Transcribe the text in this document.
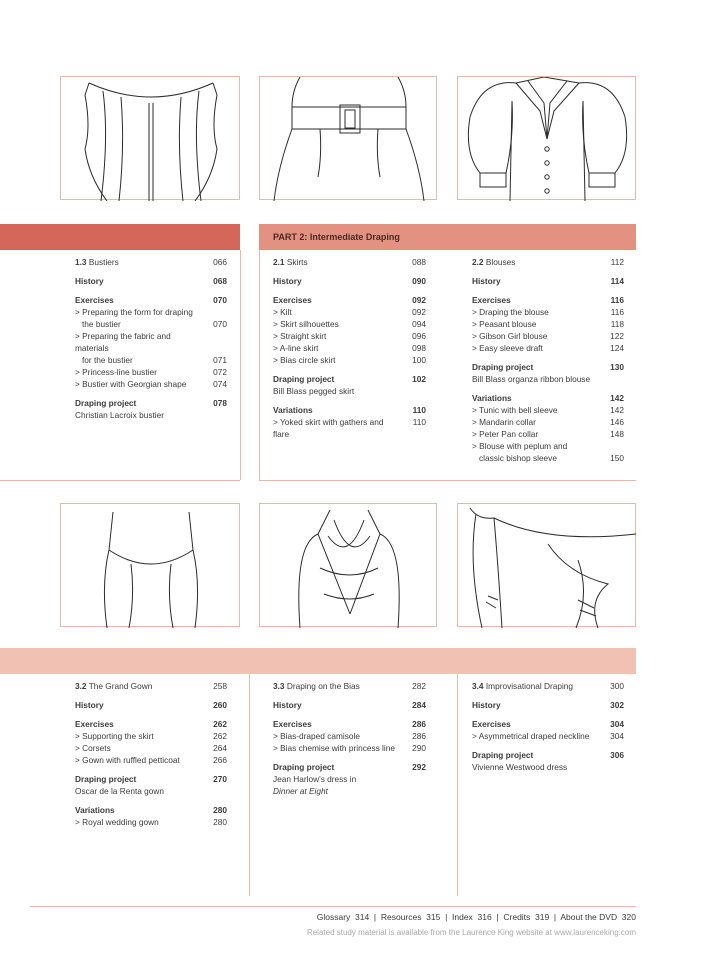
PART 2: Intermediate Draping
1.3 Bustiers	066
History	068
Exercises	070
> Preparing the form for draping
the bustier	070
> Preparing the fabric and materials
for the bustier	071
> Princess-line bustier	072
> Bustier with Georgian shape	074
Draping project	078
Christian Lacroix bustier
2.1 Skirts	088
History	090
Exercises	092
> Kilt	092
> Skirt silhouettes	094
> Straight skirt	096
> A-line skirt	098
> Bias circle skirt	100
Draping project	102
Bill Blass pegged skirt
Variations	110
> Yoked skirt with gathers and flare
110
2.2 Blouses	112
History	114
Exercises	116
> Draping the blouse	116
> Peasant blouse	118
> Gibson Girl blouse	122
> Easy sleeve draft	124
Draping project	130
Bill Blass organza ribbon blouse
Variations	142
> Tunic with bell sleeve	142
> Mandarin collar	146
> Peter Pan collar	148
> Blouse with peplum and
classic bishop sleeve	150
3.2 The Grand Gown	258
History	260
Exercises	262
> Supporting the skirt	262
> Corsets	264
> Gown with ruffled petticoat	266
Draping project	270
Oscar de la Renta gown
Variations	280
> Royal wedding gown	280
3.3 Draping on the Bias	282
History	284
Exercises	286
> Bias-draped camisole	286
> Bias chemise with princess line	290
Draping project	292
Jean Harlow's dress in
Dinner at Eight
3.4 Improvisational Draping	300
History	302
Exercises	304
> Asymmetrical draped neckline	304
Draping project	306
Vivienne Westwood dress
Glossary  314  |  Resources  315  |  Index  316  |  Credits  319  |  About the DVD  320
Related study material is available from the Laurence King website at www.laurenceking.com
